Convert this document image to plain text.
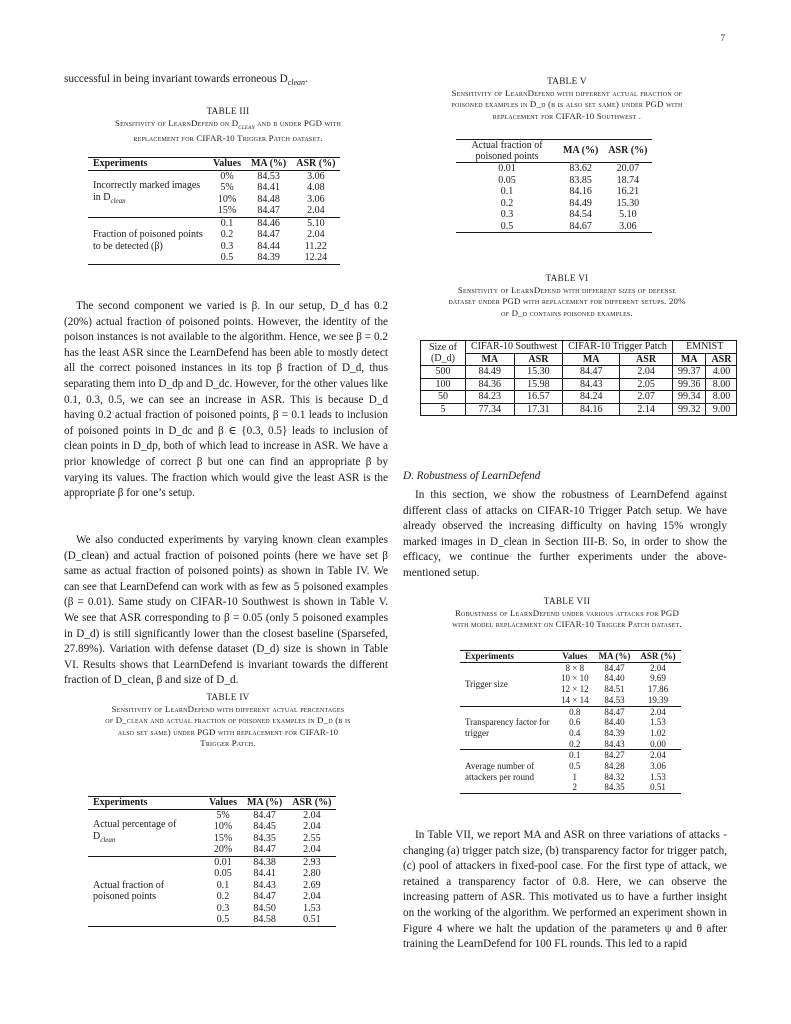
7
successful in being invariant towards erroneous $D_{clean}$.
TABLE III
Sensitivity of LearnDefend on $D_{clean}$ and β under PGD with
replacement for CIFAR-10 Trigger Patch dataset.
Experiments	Values	MA (%)	ASR (%)
Incorrectly marked images in $D_{clean}$	0%	84.53	3.06
	5%	84.41	4.08
	10%	84.48	3.06
	15%	84.47	2.04
Fraction of poisoned points to be detected (β)	0.1	84.46	5.10
	0.2	84.47	2.04
	0.3	84.44	11.22
	0.5	84.39	12.24
The second component we varied is β. In our setup, D_d has 0.2 (20%) actual fraction of poisoned points. However, the identity of the poison instances is not available to the algorithm. Hence, we see β = 0.2 has the least ASR since the LearnDefend has been able to mostly detect all the correct poisoned instances in its top β fraction of D_d, thus separating them into D_dp and D_dc. However, for the other values like 0.1, 0.3, 0.5, we can see an increase in ASR. This is because D_d having 0.2 actual fraction of poisoned points, β = 0.1 leads to inclusion of poisoned points in D_dc and β ∈ {0.3, 0.5} leads to inclusion of clean points in D_dp, both of which lead to increase in ASR. We have a prior knowledge of correct β but one can find an appropriate β by varying its values. The fraction which would give the least ASR is the appropriate β for one’s setup.
We also conducted experiments by varying known clean examples (D_clean) and actual fraction of poisoned points (here we have set β same as actual fraction of poisoned points) as shown in Table IV. We can see that LearnDefend can work with as few as 5 poisoned examples (β = 0.01). Same study on CIFAR-10 Southwest is shown in Table V. We see that ASR corresponding to β = 0.05 (only 5 poisoned examples in D_d) is still significantly lower than the closest baseline (Sparsefed, 27.89%). Variation with defense dataset (D_d) size is shown in Table VI. Results shows that LearnDefend is invariant towards the different fraction of D_clean, β and size of D_d.
TABLE IV
Sensitivity of LearnDefend with different actual percentages
of D_clean and actual fraction of poisoned examples in D_d (β is
also set same) under PGD with replacement for CIFAR-10
Trigger Patch.
Experiments	Values	MA (%)	ASR (%)
Actual percentage of $D_{clean}$	5%	84.47	2.04
	10%	84.45	2.04
	15%	84.35	2.55
	20%	84.47	2.04
Actual fraction of poisoned points	0.01	84.38	2.93
	0.05	84.41	2.80
	0.1	84.43	2.69
	0.2	84.47	2.04
	0.3	84.50	1.53
	0.5	84.58	0.51
TABLE V
Sensitivity of LearnDefend with different actual fraction of
poisoned examples in D_d (β is also set same) under PGD with
replacement for CIFAR-10 Southwest .
Actual fraction of poisoned points	MA (%)	ASR (%)
0.01	83.62	20.07
0.05	83.85	18.74
0.1	84.16	16.21
0.2	84.49	15.30
0.3	84.54	5.10
0.5	84.67	3.06
TABLE VI
Sensitivity of LearnDefend with different sizes of defense
dataset under PGD with replacement for different setups. 20%
of D_d contains poisoned examples.
Size of (D_d)	CIFAR-10 Southwest		CIFAR-10 Trigger Patch		EMNIST	
	MA	ASR	MA	ASR	MA	ASR
500	84.49	15.30	84.47	2.04	99.37	4.00
100	84.36	15.98	84.43	2.05	99.36	8.00
50	84.23	16.57	84.24	2.07	99.34	8.00
5	77.34	17.31	84.16	2.14	99.32	9.00
D. Robustness of LearnDefend
In this section, we show the robustness of LearnDefend against different class of attacks on CIFAR-10 Trigger Patch setup. We have already observed the increasing difficulty on having 15% wrongly marked images in D_clean in Section III-B. So, in order to show the efficacy, we continue the further experiments under the above-mentioned setup.
TABLE VII
Robustness of LearnDefend under various attacks for PGD
with model replacement on CIFAR-10 Trigger Patch dataset.
Experiments	Values	MA (%)	ASR (%)
Trigger size	8 × 8	84.47	2.04
	10 × 10	84.40	9.69
	12 × 12	84.51	17.86
	14 × 14	84.53	19.39
Transparency factor for trigger	0.8	84.47	2.04
	0.6	84.40	1.53
	0.4	84.39	1.02
	0.2	84.43	0.00
Average number of attackers per round	0.1	84.27	2.04
	0.5	84.28	3.06
	1	84.32	1.53
	2	84.35	0.51
In Table VII, we report MA and ASR on three variations of attacks - changing (a) trigger patch size, (b) transparency factor for trigger patch, (c) pool of attackers in fixed-pool case. For the first type of attack, we retained a transparency factor of 0.8. Here, we can observe the increasing pattern of ASR. This motivated us to have a further insight on the working of the algorithm. We performed an experiment shown in Figure 4 where we halt the updation of the parameters ψ and θ after training the LearnDefend for 100 FL rounds. This led to a rapid
